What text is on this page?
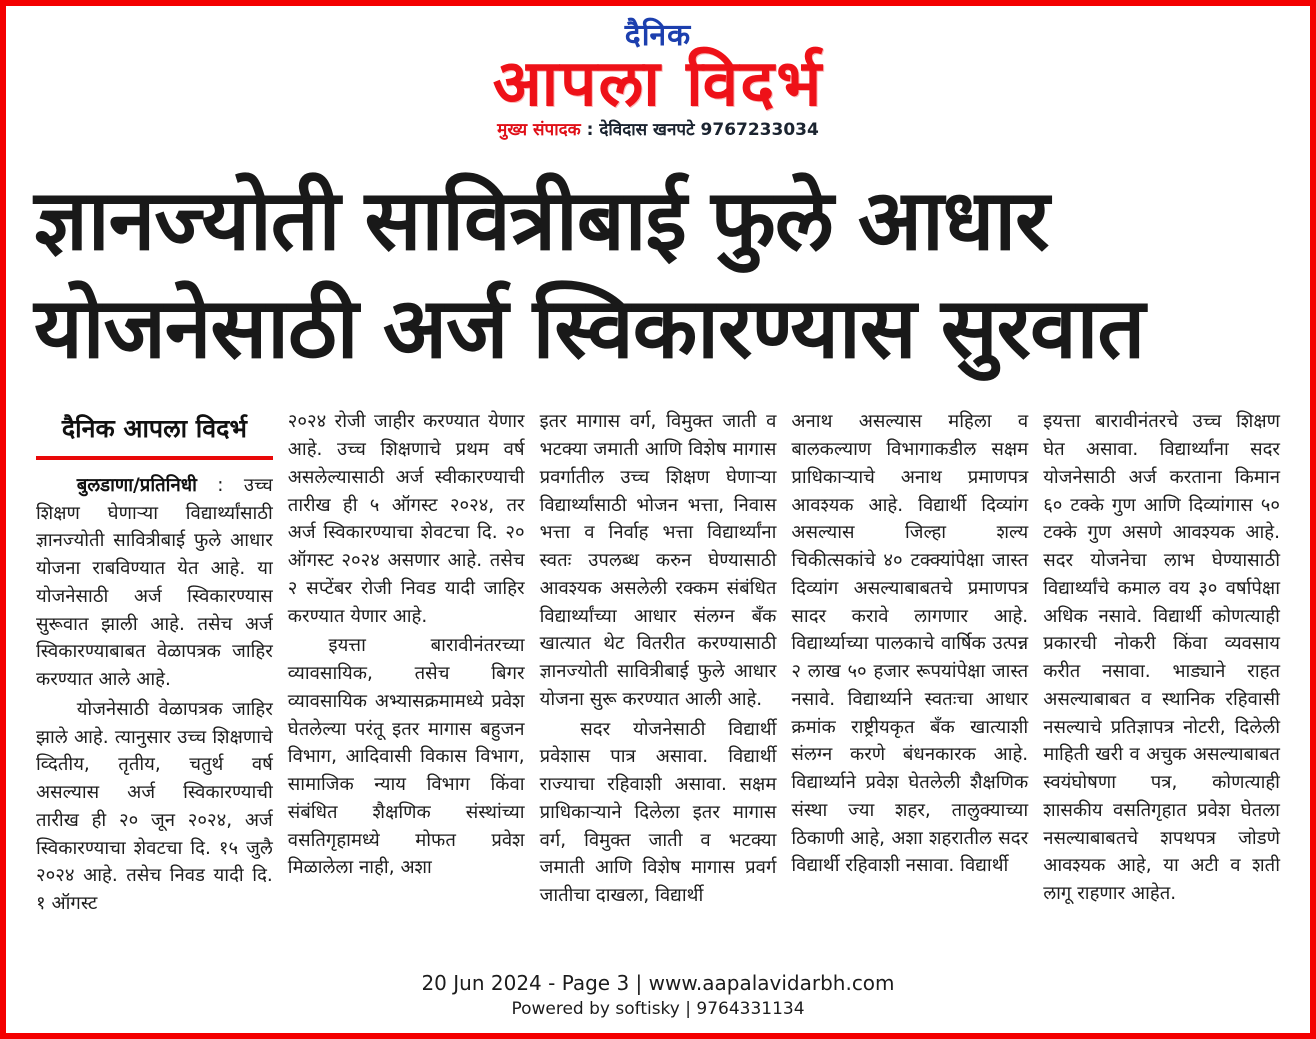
दैनिक
आपला विदर्भ
मुख्य संपादक : देविदास खनपटे 9767233034
ज्ञानज्योती सावित्रीबाई फुले आधार
योजनेसाठी अर्ज स्विकारण्यास सुरवात
दैनिक आपला विदर्भ

बुलडाणा/प्रतिनिधी : उच्च शिक्षण घेणाऱ्या विद्यार्थ्यांसाठी ज्ञानज्योती सावित्रीबाई फुले आधार योजना राबविण्यात येत आहे. या योजनेसाठी अर्ज स्विकारण्यास सुरूवात झाली आहे. तसेच अर्ज स्विकारण्याबाबत वेळापत्रक जाहिर करण्यात आले आहे.

योजनेसाठी वेळापत्रक जाहिर झाले आहे. त्यानुसार उच्च शिक्षणाचे व्दितीय, तृतीय, चतुर्थ वर्ष असल्यास अर्ज स्विकारण्याची तारीख ही २० जून २०२४, अर्ज स्विकारण्याचा शेवटचा दि. १५ जुलै २०२४ आहे. तसेच निवड यादी दि. १ ऑगस्ट

२०२४ रोजी जाहीर करण्यात येणार आहे. उच्च शिक्षणाचे प्रथम वर्ष असलेल्यासाठी अर्ज स्वीकारण्याची तारीख ही ५ ऑगस्ट २०२४, तर अर्ज स्विकारण्याचा शेवटचा दि. २० ऑगस्ट २०२४ असणार आहे. तसेच २ सप्टेंबर रोजी निवड यादी जाहिर करण्यात येणार आहे.

इयत्ता बारावीनंतरच्या व्यावसायिक, तसेच बिगर व्यावसायिक अभ्यासक्रमामध्ये प्रवेश घेतलेल्या परंतू इतर मागास बहुजन विभाग, आदिवासी विकास विभाग, सामाजिक न्याय विभाग किंवा संबंधित शैक्षणिक संस्थांच्या वसतिगृहामध्ये मोफत प्रवेश मिळालेला नाही, अशा

इतर मागास वर्ग, विमुक्त जाती व भटक्या जमाती आणि विशेष मागास प्रवर्गातील उच्च शिक्षण घेणाऱ्या विद्यार्थ्यांसाठी भोजन भत्ता, निवास भत्ता व निर्वाह भत्ता विद्यार्थ्यांना स्वतः उपलब्ध करुन घेण्यासाठी आवश्यक असलेली रक्कम संबंधित विद्यार्थ्यांच्या आधार संलग्न बँक खात्यात थेट वितरीत करण्यासाठी ज्ञानज्योती सावित्रीबाई फुले आधार योजना सुरू करण्यात आली आहे.

सदर योजनेसाठी विद्यार्थी प्रवेशास पात्र असावा. विद्यार्थी राज्याचा रहिवाशी असावा. सक्षम प्राधिकाऱ्याने दिलेला इतर मागास वर्ग, विमुक्त जाती व भटक्या जमाती आणि विशेष मागास प्रवर्ग जातीचा दाखला, विद्यार्थी

अनाथ असल्यास महिला व बालकल्याण विभागाकडील सक्षम प्राधिकाऱ्याचे अनाथ प्रमाणपत्र आवश्यक आहे. विद्यार्थी दिव्यांग असल्यास जिल्हा शल्य चिकीत्सकांचे ४० टक्क्यांपेक्षा जास्त दिव्यांग असल्याबाबतचे प्रमाणपत्र सादर करावे लागणार आहे. विद्यार्थ्याच्या पालकाचे वार्षिक उत्पन्न २ लाख ५० हजार रूपयांपेक्षा जास्त नसावे. विद्यार्थ्याने स्वतःचा आधार क्रमांक राष्ट्रीयकृत बँक खात्याशी संलग्न करणे बंधनकारक आहे. विद्यार्थ्याने प्रवेश घेतलेली शैक्षणिक संस्था ज्या शहर, तालुक्याच्या ठिकाणी आहे, अशा शहरातील सदर विद्यार्थी रहिवाशी नसावा. विद्यार्थी

इयत्ता बारावीनंतरचे उच्च शिक्षण घेत असावा. विद्यार्थ्यांना सदर योजनेसाठी अर्ज करताना किमान ६० टक्के गुण आणि दिव्यांगास ५० टक्के गुण असणे आवश्यक आहे. सदर योजनेचा लाभ घेण्यासाठी विद्यार्थ्यांचे कमाल वय ३० वर्षापेक्षा अधिक नसावे. विद्यार्थी कोणत्याही प्रकारची नोकरी किंवा व्यवसाय करीत नसावा. भाड्याने राहत असल्याबाबत व स्थानिक रहिवासी नसल्याचे प्रतिज्ञापत्र नोटरी, दिलेली माहिती खरी व अचुक असल्याबाबत स्वयंघोषणा पत्र, कोणत्याही शासकीय वसतिगृहात प्रवेश घेतला नसल्याबाबतचे शपथपत्र जोडणे आवश्यक आहे, या अटी व शती लागू राहणार आहेत.

20 Jun 2024 - Page 3 | www.aapalavidarbh.com
Powered by softisky | 9764331134
